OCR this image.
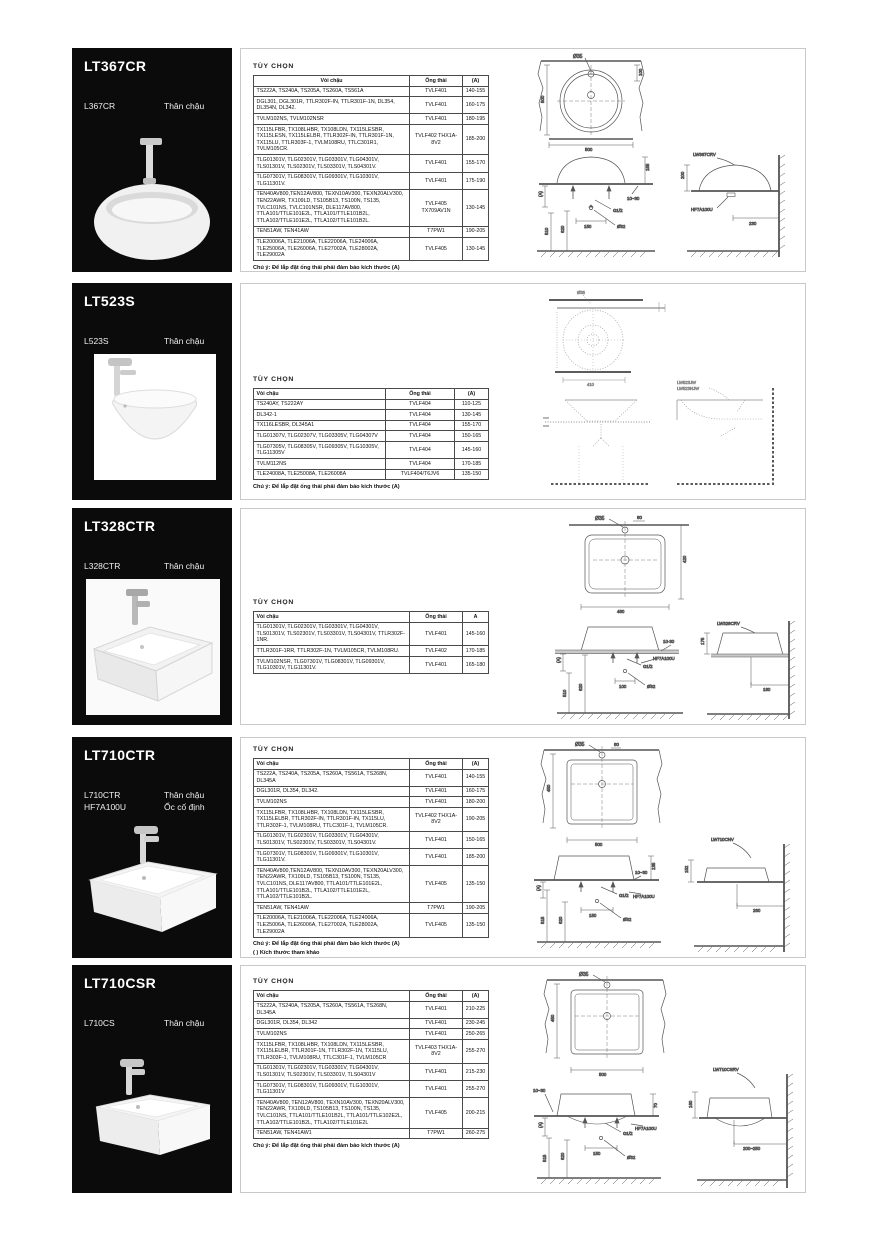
LT367CR
L367CR	Thân chậu
TÙY CHỌN
Vòi chậu	Ống thải	(A)
TS222A, TS240A, TS205A, TS260A, TS561A	TVLF401	140-155
DGL301, DGL301R, TTLR302F-IN, TTLR301F-1N, DL354, DL354N, DL342.	TVLF401	160-175
TVLM102NS, TVLM102NSR	TVLF401	180-195
TX115LFBR, TX108LHBR, TX108LDN, TX115LESBR, TX115LESN, TX115LELBR, TTLR302F-IN, TTLR301F-1N, TX115LU, TTLR303F-1, TVLM108RU, TTLC301R1, TVLM105CR.	TVLF402 THX1A-8V2	185-200
TLG01301V, TLG02301V, TLG03301V, TLG04301V, TLS01301V, TLS02301V, TLS03301V, TLS04301V.	TVLF401	155-170
TLG07301V, TLG08301V, TLG09301V, TLG10301V, TLG11301V.	TVLF401	175-190
TEN40AV800,TEN12AV800, TEXN10AV300, TEXN20ALV300, TEN22AWR, TX109LD, TS105B13, TS100N, TS135, TVLC101NS, TVLC101NSR, DLE117AV800, TTLA101/TTLE101E2L, TTLA101/TTLE101B2L, TTLA102/TTLE101E2L, TTLA102/TTLE101B2L.	TVLF405 TX709AV1N	130-145
TEN51AW, TEN41AW	T7PW1	190-205
TLE20006A, TLE21006A, TLE22006A, TLE24006A, TLE25006A, TLE26006A, TLE27002A, TLE28002A, TLE29002A	TVLF405	130-145
Chú ý: Để lắp đặt ống thải phải đảm bảo kích thước (A)
Ø35
100
500
500
155
(A)
10~30
G1/2
150	Ø32
620
510
LW367CRV
200
HF7A100U
230
LT523S
L523S	Thân chậu
TÙY CHỌN
Vòi chậu	Ống thải	(A)
TS240AY, TS222AY	TVLF404	110-125
DL342-1	TVLF404	130-145
TX116LESBR, DL345A1	TVLF404	155-170
TLG01307V, TLG02307V, TLG03305V, TLG04307V	TVLF404	150-165
TLG07305V, TLG08305V, TLG09305V, TLG10305V, TLG11305V	TVLF404	145-160
TVLM112NS	TVLF404	170-185
TLE24008A, TLE25008A, TLE26008A	TVLF404/T6JV6	135-150
Chú ý: Để lắp đặt ống thải phải đảm bảo kích thước (A)
Ø35
410	LW523JW
LW523NJW
LT328CTR
L328CTR	Thân chậu
TÙY CHỌN
Vòi chậu	Ống thải	A
TLG01301V, TLG02301V, TLG03301V, TLG04301V, TLS01301V, TLS02301V, TLS03301V, TLS04301V, TTLR302F-1NR.	TVLF401	145-160
TTLR301F-1RR, TTLR302F-1N, TVLM105CR, TVLM108RU.	TVLF402	170-185
TVLM102NSR, TLG07301V, TLG08301V, TLG09301V, TLG10301V, TLG11301V.	TVLF401	165-180
Ø35	80
420
480
10-30
(A)
G1/2
100	Ø32
620
510
HF7A100U
LW328CRV
175
180
LT710CTR
L710CTR	Thân chậu
HF7A100U	Ốc cố định
TÙY CHỌN
Vòi chậu	Ống thải	(A)
TS222A, TS240A, TS205A, TS260A, TS561A, TS268N, DL345A	TVLF401	140-155
DGL301R, DL354, DL342.	TVLF401	160-175
TVLM102NS	TVLF401	180-200
TX115LFBR, TX108LHBR, TX108LDN, TX115LESBR, TX115LELBR, TTLR302F-IN, TTLR301F-IN, TX115LU, TTLR303F-1, TVLM108RU, TTLC301F-1, TVLM105CR.	TVLF402 THX1A-8V2	190-205
TLG01301V, TLG02301V, TLG03301V, TLG04301V, TLS01301V, TLS02301V, TLS03301V, TLS04301V.	TVLF401	150-165
TLG07301V, TLG08301V, TLG09301V, TLG10301V, TLG11301V.	TVLF401	185-200
TEN40AV800,TEN12AV800, TEXN10AV300, TEXN20ALV300, TEN22AWR, TX109LD, TS105B13, TS100N, TS135, TVLC101NS, DLE117AV800, TTLA101/TTLE101E2L, TTLA101/TTLE101B2L, TTLA102/TTLE101E2L, TTLA102/TTLE101B2L.	TVLF405	135-150
TEN51AW, TEN41AW	T7PW1	190-205
TLE20006A, TLE21006A, TLE22006A, TLE24006A, TLE25006A, TLE26006A, TLE27002A, TLE28002A, TLE29002A	TVLF405	135-150
Chú ý: Để lắp đặt ống thải phải đảm bảo kích thước (A)
( ) Kích thước tham khảo
Ø35	80
450
500
10~30
135
(A)
G1/2
150
Ø32
620
515
HF7A100U
LW710CNV
152
260
LT710CSR
L710CS	Thân chậu
TÙY CHỌN
Vòi chậu	Ống thải	(A)
TS222A, TS240A, TS205A, TS260A, TS561A, TS268N, DL345A	TVLF401	210-225
DGL301R, DL354, DL342	TVLF401	230-245
TVLM102NS	TVLF401	250-265
TX115LFBR, TX108LHBR, TX108LDN, TX115LESBR, TX115LELBR, TTLR301F-1N, TTLR302F-1N, TX115LU, TTLR303F-1, TVLM108RU, TTLC301F-1, TVLM105CR	TVLF403 THX1A-8V2	255-270
TLG01301V, TLG02301V, TLG03301V, TLG04301V, TLS01301V, TLS02301V, TLS03301V, TLS04301V	TVLF401	215-230
TLG07301V, TLG08301V, TLG09301V, TLG10301V, TLG11301V	TVLF401	255-270
TEN40AV800, TEN12AV800, TEXN10AV300, TEXN20ALV300, TEN22AWR, TX109LD, TS105B13, TS100N, TS135, TVLC101NS, TTLA101/TTLE101B2L, TTLA101/TTLE102E2L, TTLA102/TTLE101B2L, TTLA102/TTLE101E2L	TVLF405	200-215
TEN51AW, TEN41AW1	T7PW1	260-275
Chú ý: Để lắp đặt ống thải phải đảm bảo kích thước (A)
Ø35
450
500
10~30
70
(A)
G1/2
150
Ø32
620
515
HF7A100U
LW710CSRV
160
200~250
